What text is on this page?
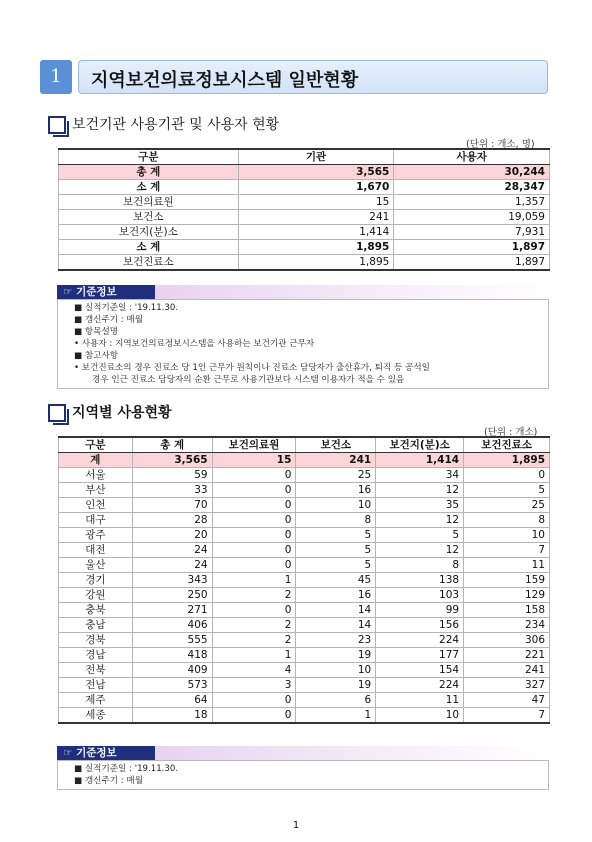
1	지역보건의료정보시스템 일반현황
보건기관 사용기관 및 사용자 현황
(단위 : 개소, 명)
구분	기관	사용자
총 계	3,565	30,244
소 계	1,670	28,347
보건의료원	15	1,357
보건소	241	19,059
보건지(분)소	1,414	7,931
소 계	1,895	1,897
보건진료소	1,895	1,897
☞ 기준정보
■ 실적기준일 : '19.11.30.
■ 갱신주기 : 매월
■ 항목설명
• 사용자 : 지역보건의료정보시스템을 사용하는 보건기관 근무자
■ 참고사항
• 보건진료소의 경우 진료소 당 1인 근무가 원칙이나 진료소 담당자가 출산휴가, 퇴직 등 공석일
경우 인근 진료소 담당자의 순환 근무로 사용기관보다 시스템 이용자가 적을 수 있음
지역별 사용현황
(단위 : 개소)
구분	총 계	보건의료원	보건소	보건지(분)소	보건진료소
계	3,565	15	241	1,414	1,895
서울	59	0	25	34	0
부산	33	0	16	12	5
인천	70	0	10	35	25
대구	28	0	8	12	8
광주	20	0	5	5	10
대전	24	0	5	12	7
울산	24	0	5	8	11
경기	343	1	45	138	159
강원	250	2	16	103	129
충북	271	0	14	99	158
충남	406	2	14	156	234
경북	555	2	23	224	306
경남	418	1	19	177	221
전북	409	4	10	154	241
전남	573	3	19	224	327
제주	64	0	6	11	47
세종	18	0	1	10	7
☞ 기준정보
■ 실적기준일 : '19.11.30.
■ 갱신주기 : 매월
1
